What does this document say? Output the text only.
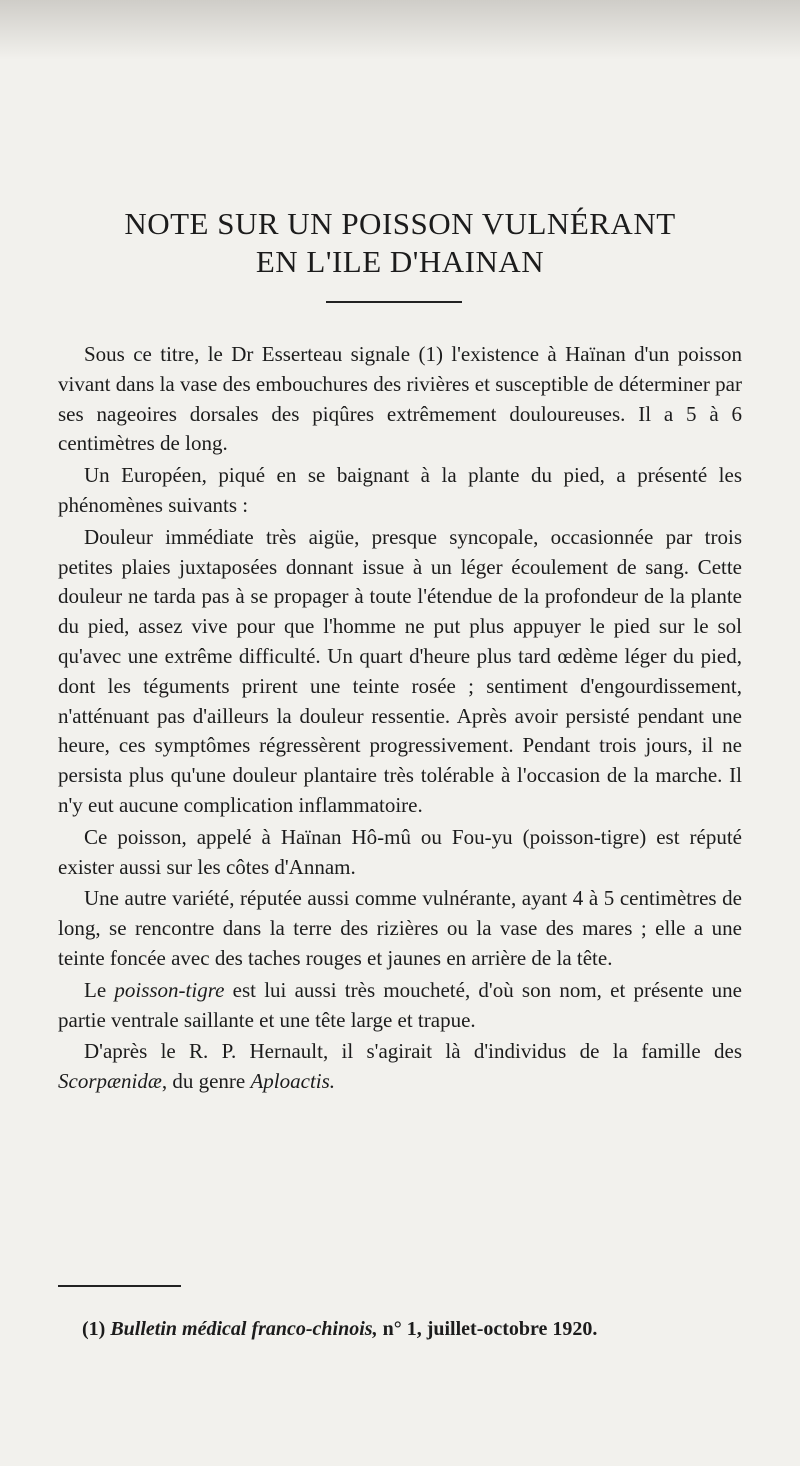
NOTE SUR UN POISSON VULNÉRANT
EN L'ILE D'HAINAN

Sous ce titre, le Dr Esserteau signale (1) l'existence à Haïnan d'un poisson vivant dans la vase des embouchures des rivières et susceptible de déterminer par ses nageoires dorsales des piqûres extrêmement douloureuses. Il a 5 à 6 centimètres de long.

Un Européen, piqué en se baignant à la plante du pied, a présenté les phénomènes suivants :

Douleur immédiate très aigüe, presque syncopale, occasionnée par trois petites plaies juxtaposées donnant issue à un léger écoulement de sang. Cette douleur ne tarda pas à se propager à toute l'étendue de la profondeur de la plante du pied, assez vive pour que l'homme ne put plus appuyer le pied sur le sol qu'avec une extrême difficulté. Un quart d'heure plus tard œdème léger du pied, dont les téguments prirent une teinte rosée ; sentiment d'engourdissement, n'atténuant pas d'ailleurs la douleur ressentie. Après avoir persisté pendant une heure, ces symptômes régressèrent progressivement. Pendant trois jours, il ne persista plus qu'une douleur plantaire très tolérable à l'occasion de la marche. Il n'y eut aucune complication inflammatoire.

Ce poisson, appelé à Haïnan Hô-mû ou Fou-yu (poisson-tigre) est réputé exister aussi sur les côtes d'Annam.

Une autre variété, réputée aussi comme vulnérante, ayant 4 à 5 centimètres de long, se rencontre dans la terre des rizières ou la vase des mares ; elle a une teinte foncée avec des taches rouges et jaunes en arrière de la tête.

Le poisson-tigre est lui aussi très moucheté, d'où son nom, et présente une partie ventrale saillante et une tête large et trapue.

D'après le R. P. Hernault, il s'agirait là d'individus de la famille des Scorpænidæ, du genre Aploactis.

(1) Bulletin médical franco-chinois, n° 1, juillet-octobre 1920.
